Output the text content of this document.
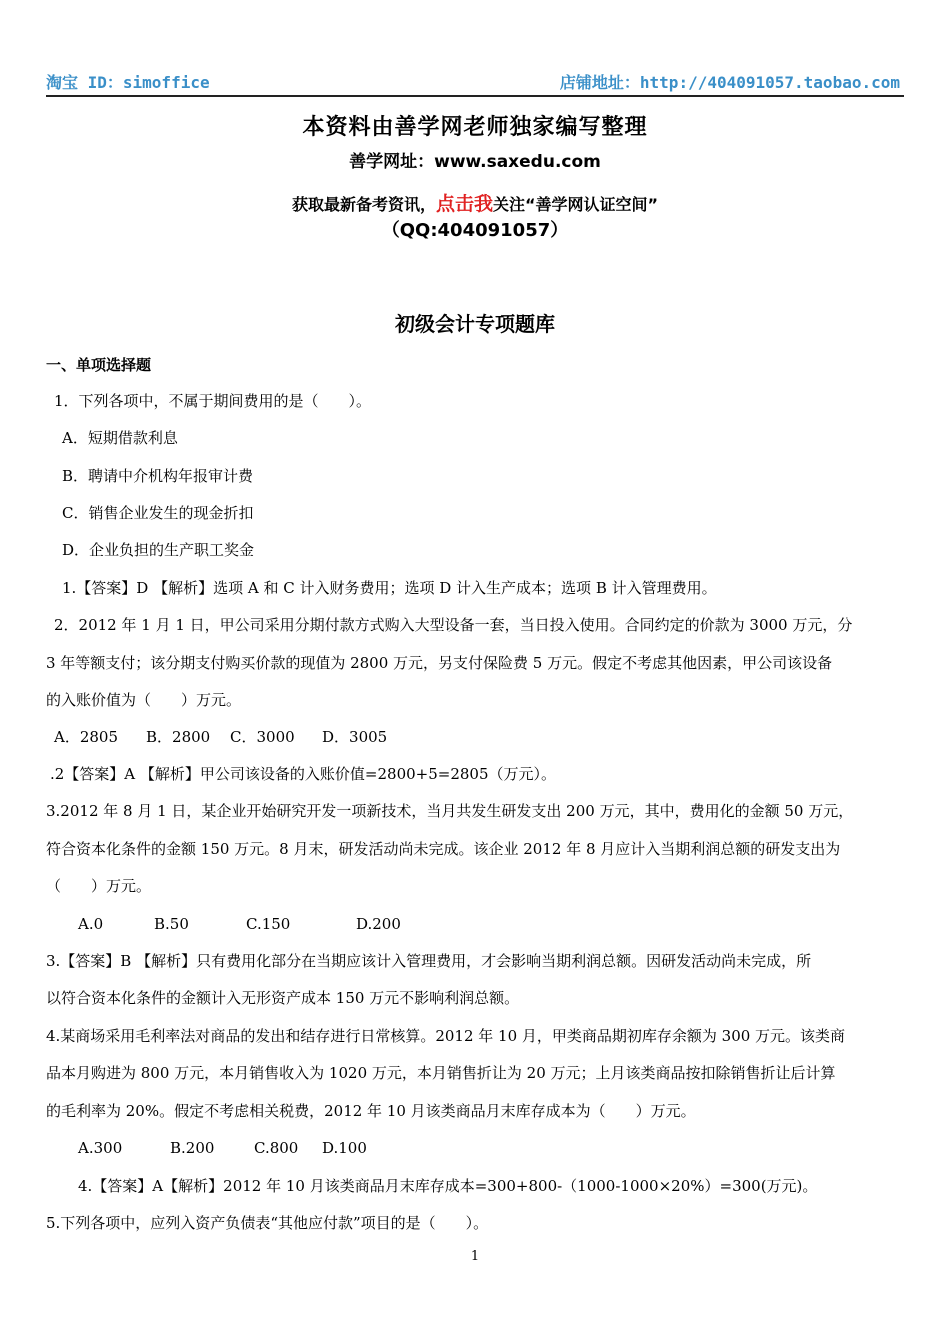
淘宝 ID：simoffice	店铺地址：http://404091057.taobao.com
本资料由善学网老师独家编写整理
善学网址：www.saxedu.com
获取最新备考资讯，点击我关注“善学网认证空间”
（QQ:404091057）
初级会计专项题库
一、单项选择题
1．下列各项中，不属于期间费用的是（　　）。
A．短期借款利息
B．聘请中介机构年报审计费
C．销售企业发生的现金折扣
D．企业负担的生产职工奖金
1.【答案】D 【解析】选项 A 和 C 计入财务费用；选项 D 计入生产成本；选项 B 计入管理费用。
2．2012 年 1 月 1 日，甲公司采用分期付款方式购入大型设备一套，当日投入使用。合同约定的价款为 3000 万元，分
3 年等额支付；该分期支付购买价款的现值为 2800 万元，另支付保险费 5 万元。假定不考虑其他因素，甲公司该设备
的入账价值为（　　）万元。
A．2805 B．2800 C．3000 D．3005
.2【答案】A 【解析】甲公司该设备的入账价值=2800+5=2805（万元）。
3.2012 年 8 月 1 日，某企业开始研究开发一项新技术，当月共发生研发支出 200 万元，其中，费用化的金额 50 万元，
符合资本化条件的金额 150 万元。8 月末，研发活动尚未完成。该企业 2012 年 8 月应计入当期利润总额的研发支出为
（　　）万元。
A.0	B.50	C.150	D.200
3.【答案】B 【解析】只有费用化部分在当期应该计入管理费用，才会影响当期利润总额。因研发活动尚未完成，所
以符合资本化条件的金额计入无形资产成本 150 万元不影响利润总额。
4.某商场采用毛利率法对商品的发出和结存进行日常核算。2012 年 10 月，甲类商品期初库存余额为 300 万元。该类商
品本月购进为 800 万元，本月销售收入为 1020 万元，本月销售折让为 20 万元；上月该类商品按扣除销售折让后计算
的毛利率为 20%。假定不考虑相关税费，2012 年 10 月该类商品月末库存成本为（　　）万元。
A.300	B.200	C.800 D.100
4.【答案】A【解析】2012 年 10 月该类商品月末库存成本=300+800-（1000-1000×20%）=300(万元)。
5.下列各项中，应列入资产负债表“其他应付款”项目的是（　　）。
1
